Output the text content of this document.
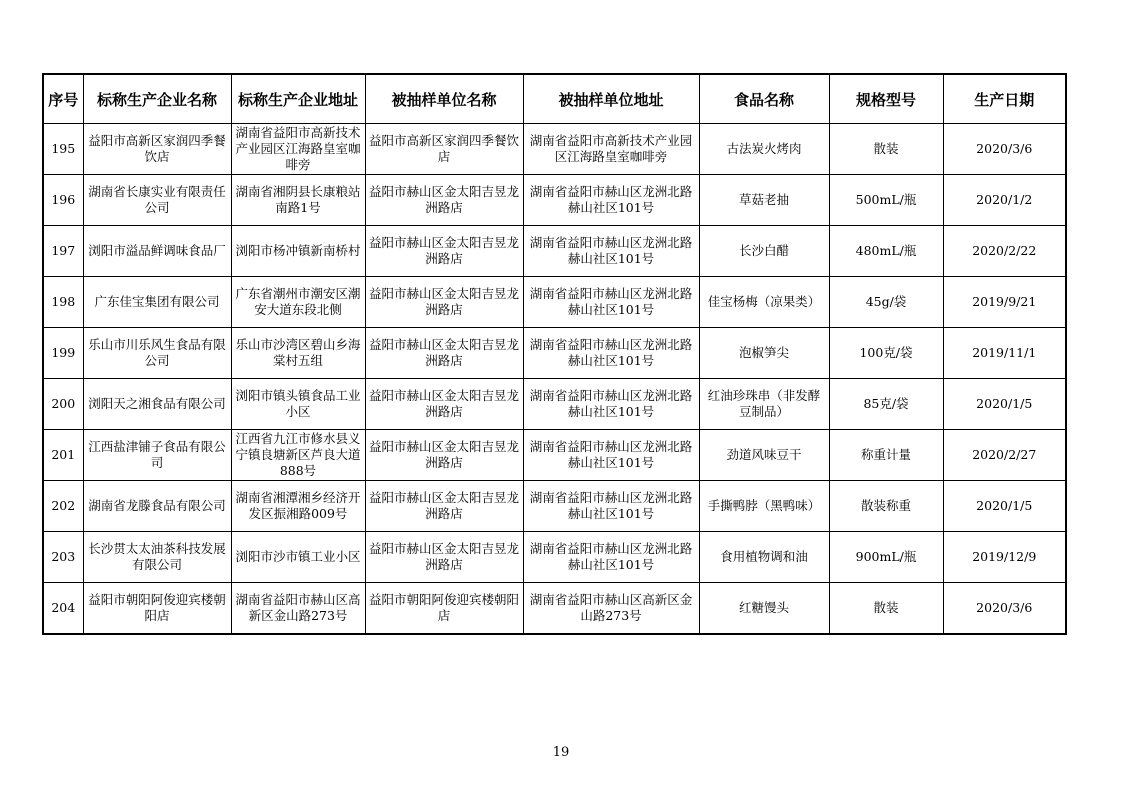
序号	标称生产企业名称	标称生产企业地址	被抽样单位名称	被抽样单位地址	食品名称	规格型号	生产日期
195	益阳市高新区家润四季餐饮店	湖南省益阳市高新技术产业园区江海路皇室咖啡旁	益阳市高新区家润四季餐饮店	湖南省益阳市高新技术产业园区江海路皇室咖啡旁	古法炭火烤肉	散装	2020/3/6
196	湖南省长康实业有限责任公司	湖南省湘阴县长康粮站南路1号	益阳市赫山区金太阳吉昱龙洲路店	湖南省益阳市赫山区龙洲北路 赫山社区101号	草菇老抽	500mL/瓶	2020/1/2
197	浏阳市溢品鲜调味食品厂	浏阳市杨冲镇新南桥村	益阳市赫山区金太阳吉昱龙洲路店	湖南省益阳市赫山区龙洲北路 赫山社区101号	长沙白醋	480mL/瓶	2020/2/22
198	广东佳宝集团有限公司	广东省潮州市潮安区潮安大道东段北侧	益阳市赫山区金太阳吉昱龙洲路店	湖南省益阳市赫山区龙洲北路 赫山社区101号	佳宝杨梅（凉果类）	45g/袋	2019/9/21
199	乐山市川乐风生食品有限公司	乐山市沙湾区碧山乡海棠村五组	益阳市赫山区金太阳吉昱龙洲路店	湖南省益阳市赫山区龙洲北路 赫山社区101号	泡椒笋尖	100克/袋	2019/11/1
200	浏阳天之湘食品有限公司	浏阳市镇头镇食品工业小区	益阳市赫山区金太阳吉昱龙洲路店	湖南省益阳市赫山区龙洲北路 赫山社区101号	红油珍珠串（非发酵豆制品）	85克/袋	2020/1/5
201	江西盐津铺子食品有限公司	江西省九江市修水县义宁镇良塘新区芦良大道888号	益阳市赫山区金太阳吉昱龙洲路店	湖南省益阳市赫山区龙洲北路 赫山社区101号	劲道风味豆干	称重计量	2020/2/27
202	湖南省龙滕食品有限公司	湖南省湘潭湘乡经济开发区振湘路009号	益阳市赫山区金太阳吉昱龙洲路店	湖南省益阳市赫山区龙洲北路 赫山社区101号	手撕鸭脖（黑鸭味）	散装称重	2020/1/5
203	长沙贯太太油茶科技发展有限公司	浏阳市沙市镇工业小区	益阳市赫山区金太阳吉昱龙洲路店	湖南省益阳市赫山区龙洲北路 赫山社区101号	食用植物调和油	900mL/瓶	2019/12/9
204	益阳市朝阳阿俊迎宾楼朝阳店	湖南省益阳市赫山区高新区金山路273号	益阳市朝阳阿俊迎宾楼朝阳店	湖南省益阳市赫山区高新区金山路273号	红糖馒头	散装	2020/3/6
19
